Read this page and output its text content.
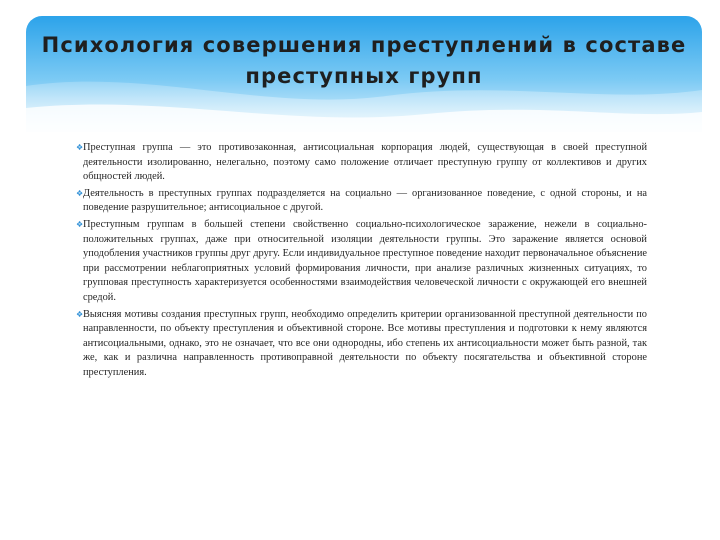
Психология совершения преступлений в составе преступных групп

❖ Преступная группа — это противозаконная, антисоциальная корпорация людей, существующая в своей преступной деятельности изолированно, нелегально, поэтому само положение отличает преступную группу от коллективов и других общностей людей.

❖ Деятельность в преступных группах подразделяется на социально — организованное поведение, с одной стороны, и на поведение разрушительное; антисоциальное с другой.

❖ Преступным группам в большей степени свойственно социально-психологическое заражение, нежели в социально-положительных группах, даже при относительной изоляции деятельности группы. Это заражение является основой уподобления участников группы друг другу. Если индивидуальное преступное поведение находит первоначальное объяснение при рассмотрении неблагоприятных условий формирования личности, при анализе различных жизненных ситуациях, то групповая преступность характеризуется особенностями взаимодействия человеческой личности с окружающей его внешней средой.

❖ Выясняя мотивы создания преступных групп, необходимо определить критерии организованной преступной деятельности по направленности, по объекту преступления и объективной стороне. Все мотивы преступления и подготовки к нему являются антисоциальными, однако, это не означает, что все они однородны, ибо степень их антисоциальности может быть разной, так же, как и различна направленность противоправной деятельности по объекту посягательства и объективной стороне преступления.
